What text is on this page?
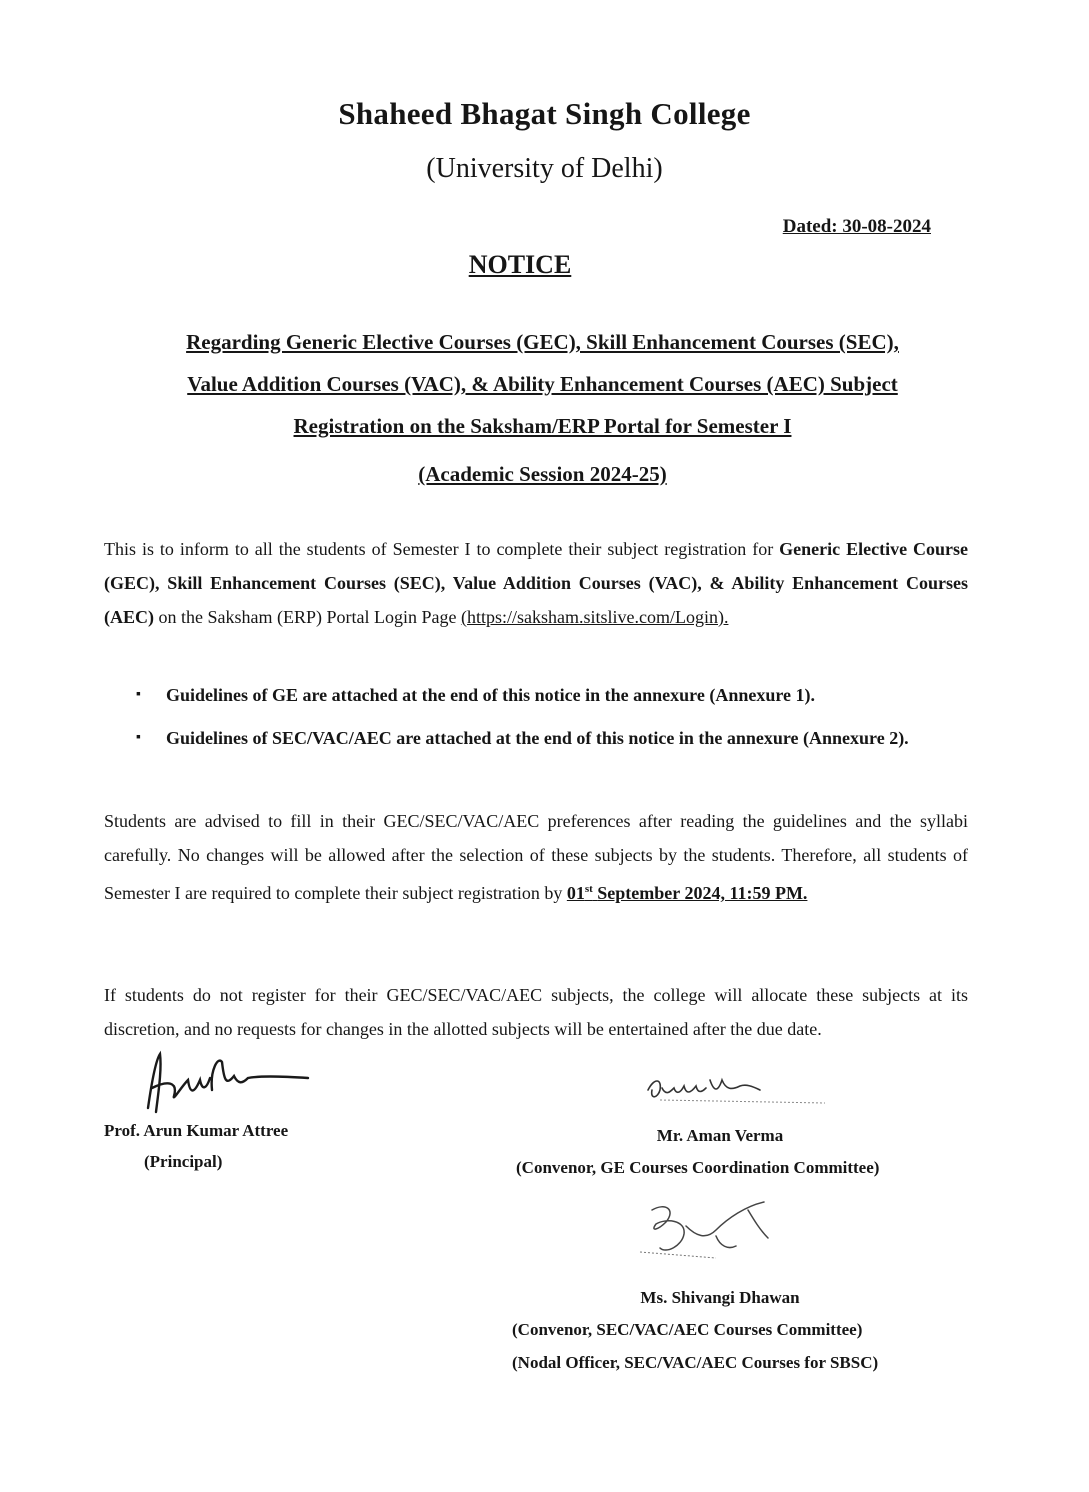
Shaheed Bhagat Singh College
(University of Delhi)
Dated: 30-08-2024
NOTICE
Regarding Generic Elective Courses (GEC), Skill Enhancement Courses (SEC),
Value Addition Courses (VAC), & Ability Enhancement Courses (AEC) Subject
Registration on the Saksham/ERP Portal for Semester I
(Academic Session 2024-25)
This is to inform to all the students of Semester I to complete their subject registration for Generic Elective Course (GEC), Skill Enhancement Courses (SEC), Value Addition Courses (VAC), & Ability Enhancement Courses (AEC) on the Saksham (ERP) Portal Login Page (https://saksham.sitslive.com/Login).
▪ Guidelines of GE are attached at the end of this notice in the annexure (Annexure 1).
▪ Guidelines of SEC/VAC/AEC are attached at the end of this notice in the annexure (Annexure 2).
Students are advised to fill in their GEC/SEC/VAC/AEC preferences after reading the guidelines and the syllabi carefully. No changes will be allowed after the selection of these subjects by the students. Therefore, all students of Semester I are required to complete their subject registration by 01st September 2024, 11:59 PM.
If students do not register for their GEC/SEC/VAC/AEC subjects, the college will allocate these subjects at its discretion, and no requests for changes in the allotted subjects will be entertained after the due date.
Prof. Arun Kumar Attree
(Principal)
Mr. Aman Verma
(Convenor, GE Courses Coordination Committee)
Ms. Shivangi Dhawan
(Convenor, SEC/VAC/AEC Courses Committee)
(Nodal Officer, SEC/VAC/AEC Courses for SBSC)
